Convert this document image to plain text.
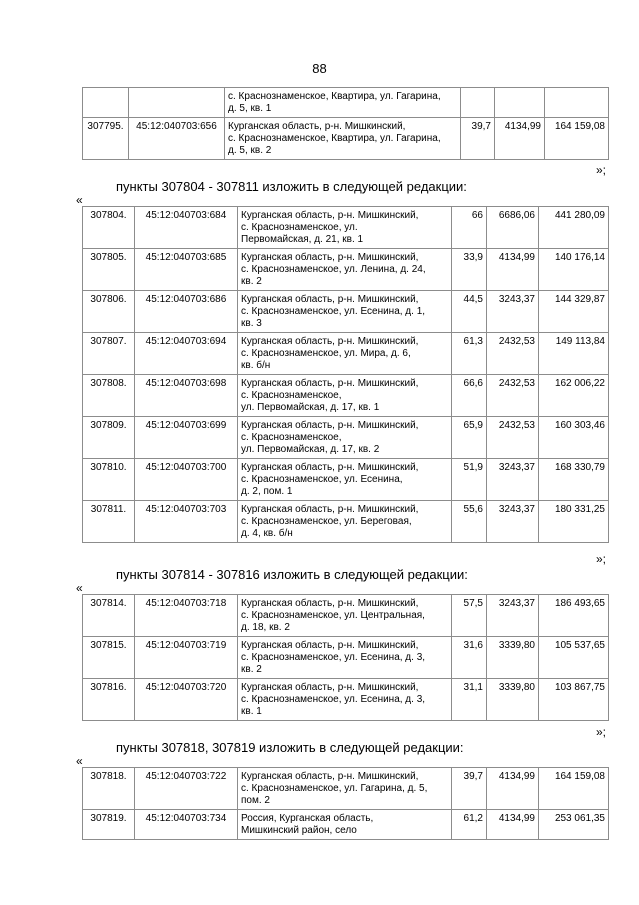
88

		с. Краснознаменское, Квартира, ул. Гагарина,
д. 5, кв. 1			

307795.	45:12:040703:656	Курганская область, р-н. Мишкинский,
с. Краснознаменское, Квартира, ул. Гагарина,
д. 5, кв. 2	39,7	4134,99	164 159,08
»;
пункты 307804 - 307811 изложить в следующей редакции:
«
307804.	45:12:040703:684	Курганская область, р-н. Мишкинский,
с. Краснознаменское, ул.
Первомайская, д. 21, кв. 1	66	6686,06	441 280,09
307805.	45:12:040703:685	Курганская область, р-н. Мишкинский,
с. Краснознаменское, ул. Ленина, д. 24,
кв. 2	33,9	4134,99	140 176,14
307806.	45:12:040703:686	Курганская область, р-н. Мишкинский,
с. Краснознаменское, ул. Есенина, д. 1,
кв. 3	44,5	3243,37	144 329,87
307807.	45:12:040703:694	Курганская область, р-н. Мишкинский,
с. Краснознаменское, ул. Мира, д. 6,
кв. б/н	61,3	2432,53	149 113,84
307808.	45:12:040703:698	Курганская область, р-н. Мишкинский,
с. Краснознаменское,
ул. Первомайская, д. 17, кв. 1	66,6	2432,53	162 006,22
307809.	45:12:040703:699	Курганская область, р-н. Мишкинский,
с. Краснознаменское,
ул. Первомайская, д. 17, кв. 2	65,9	2432,53	160 303,46
307810.	45:12:040703:700	Курганская область, р-н. Мишкинский,
с. Краснознаменское, ул. Есенина,
д. 2, пом. 1	51,9	3243,37	168 330,79
307811.	45:12:040703:703	Курганская область, р-н. Мишкинский,
с. Краснознаменское, ул. Береговая,
д. 4, кв. б/н	55,6	3243,37	180 331,25
»;
пункты 307814 - 307816 изложить в следующей редакции:
«
307814.	45:12:040703:718	Курганская область, р-н. Мишкинский,
с. Краснознаменское, ул. Центральная,
д. 18, кв. 2	57,5	3243,37	186 493,65
307815.	45:12:040703:719	Курганская область, р-н. Мишкинский,
с. Краснознаменское, ул. Есенина, д. 3,
кв. 2	31,6	3339,80	105 537,65
307816.	45:12:040703:720	Курганская область, р-н. Мишкинский,
с. Краснознаменское, ул. Есенина, д. 3,
кв. 1	31,1	3339,80	103 867,75
»;
пункты 307818, 307819 изложить в следующей редакции:
«
307818.	45:12:040703:722	Курганская область, р-н. Мишкинский,
с. Краснознаменское, ул. Гагарина, д. 5,
пом. 2	39,7	4134,99	164 159,08
307819.	45:12:040703:734	Россия, Курганская область,
Мишкинский район, село	61,2	4134,99	253 061,35
